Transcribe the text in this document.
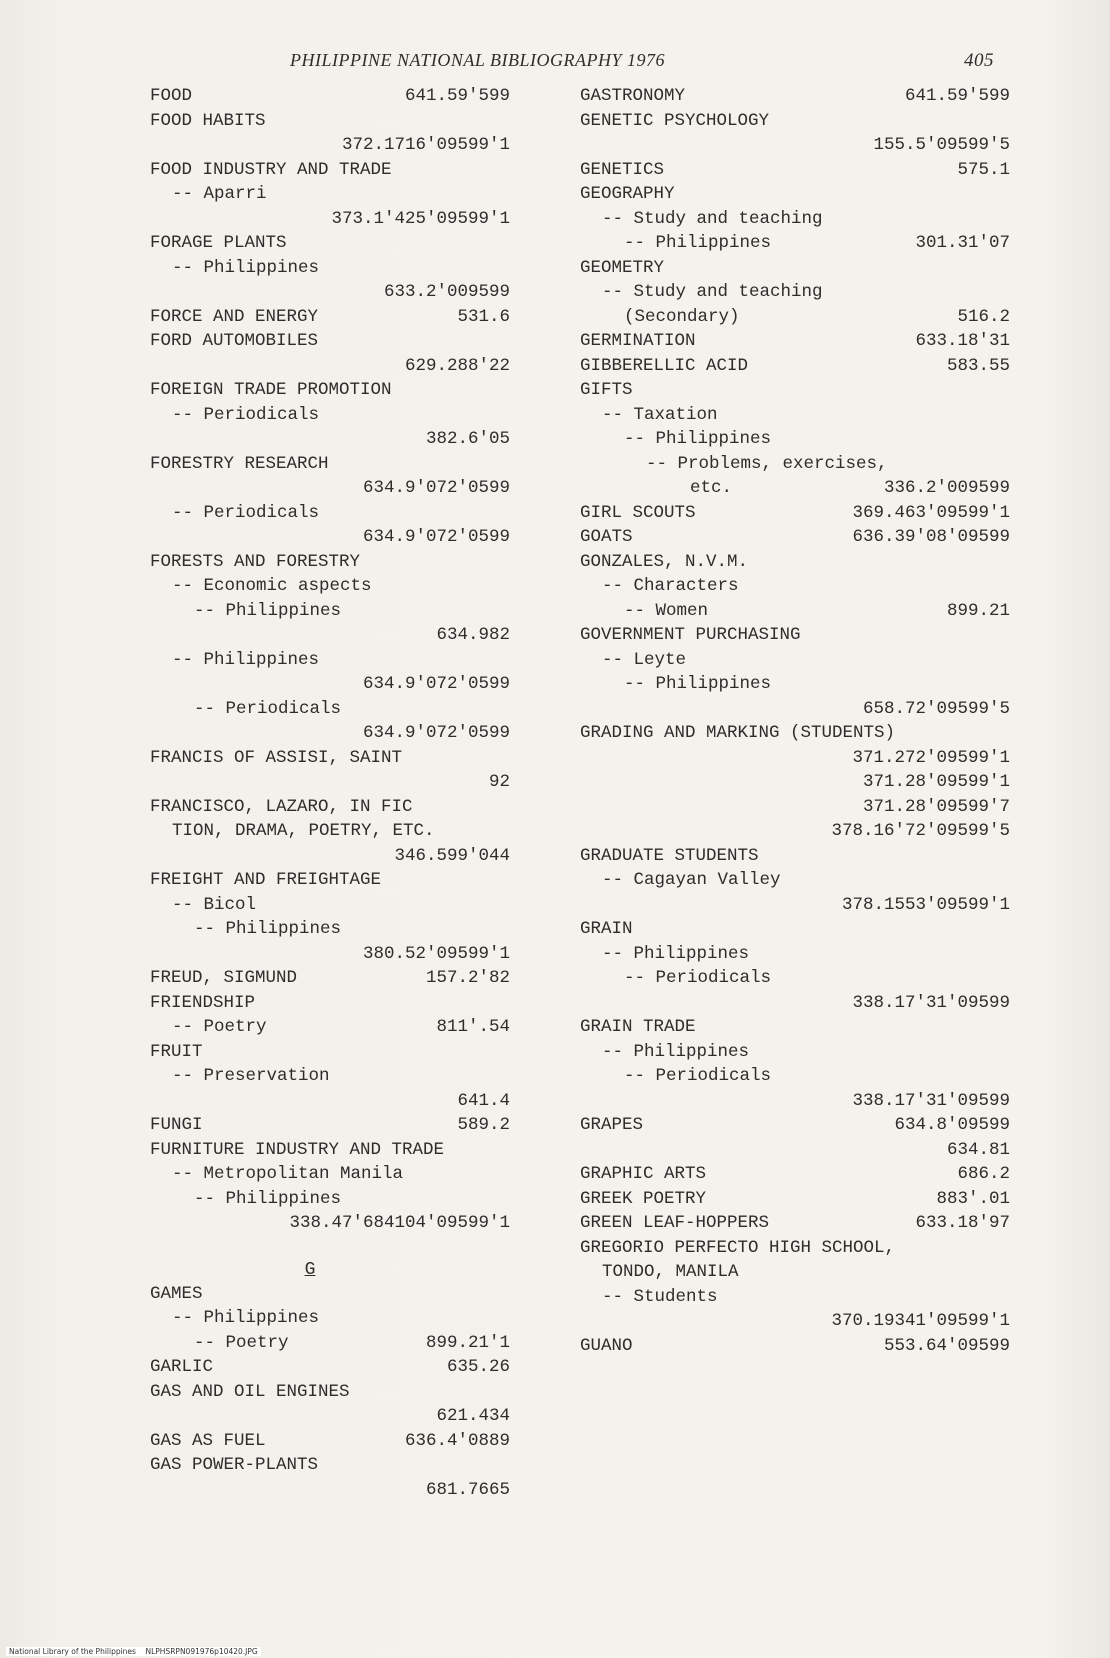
PHILIPPINE NATIONAL BIBLIOGRAPHY 1976	405
FOOD	641.59'599
FOOD HABITS
372.1716'09599'1
FOOD INDUSTRY AND TRADE
-- Aparri
373.1'425'09599'1
FORAGE PLANTS
-- Philippines
633.2'009599
FORCE AND ENERGY	531.6
FORD AUTOMOBILES
629.288'22
FOREIGN TRADE PROMOTION
-- Periodicals
382.6'05
FORESTRY RESEARCH
634.9'072'0599
-- Periodicals
634.9'072'0599
FORESTS AND FORESTRY
-- Economic aspects
-- Philippines
634.982
-- Philippines
634.9'072'0599
-- Periodicals
634.9'072'0599
FRANCIS OF ASSISI, SAINT
92
FRANCISCO, LAZARO, IN FIC
TION, DRAMA, POETRY, ETC.
346.599'044
FREIGHT AND FREIGHTAGE
-- Bicol
-- Philippines
380.52'09599'1
FREUD, SIGMUND	157.2'82
FRIENDSHIP
-- Poetry	811'.54
FRUIT
-- Preservation
641.4
FUNGI	589.2
FURNITURE INDUSTRY AND TRADE
-- Metropolitan Manila
-- Philippines
338.47'684104'09599'1
G
GAMES
-- Philippines
-- Poetry	899.21'1
GARLIC	635.26
GAS AND OIL ENGINES
621.434
GAS AS FUEL	636.4'0889
GAS POWER-PLANTS
681.7665
GASTRONOMY	641.59'599
GENETIC PSYCHOLOGY
155.5'09599'5
GENETICS	575.1
GEOGRAPHY
-- Study and teaching
-- Philippines	301.31'07
GEOMETRY
-- Study and teaching
(Secondary)	516.2
GERMINATION	633.18'31
GIBBERELLIC ACID	583.55
GIFTS
-- Taxation
-- Philippines
-- Problems, exercises,
etc.	336.2'009599
GIRL SCOUTS	369.463'09599'1
GOATS	636.39'08'09599
GONZALES, N.V.M.
-- Characters
-- Women	899.21
GOVERNMENT PURCHASING
-- Leyte
-- Philippines
658.72'09599'5
GRADING AND MARKING (STUDENTS)
371.272'09599'1
371.28'09599'1
371.28'09599'7
378.16'72'09599'5
GRADUATE STUDENTS
-- Cagayan Valley
378.1553'09599'1
GRAIN
-- Philippines
-- Periodicals
338.17'31'09599
GRAIN TRADE
-- Philippines
-- Periodicals
338.17'31'09599
GRAPES	634.8'09599
634.81
GRAPHIC ARTS	686.2
GREEK POETRY	883'.01
GREEN LEAF-HOPPERS	633.18'97
GREGORIO PERFECTO HIGH SCHOOL,
TONDO, MANILA
-- Students
370.19341'09599'1
GUANO	553.64'09599
National Library of the Philippines    NLPHSRPN091976p10420.JPG
